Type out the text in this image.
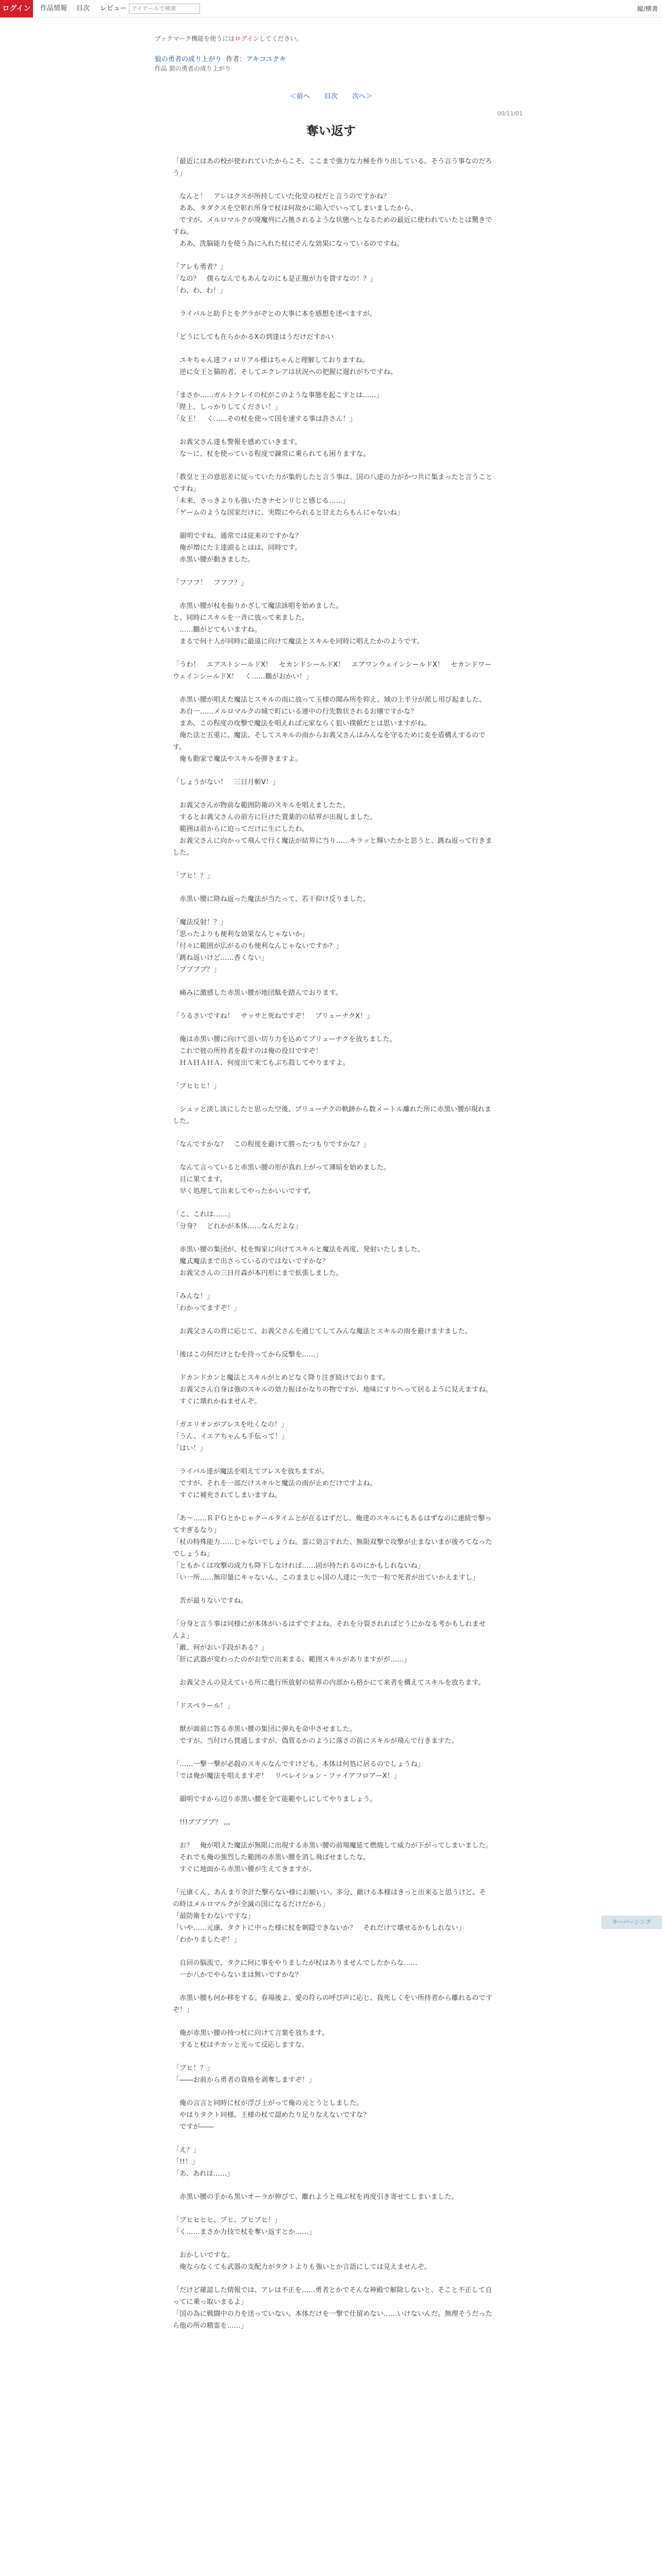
ログイン	作品情報 目次 レビュー アイテールで検索	縦/横書
ブックマーク機能を使うにはログインしてください。
狼の勇者の成り上がり 作者：アキコユクキ
作品 狼の勇者の成り上がり
＜前へ 目次 次へ＞
00/11/01
奪い返す

「最近にはあの校が使われていたからこそ、ここまで強力な力極を作り出している。そう言う事なのだろう」

　なんと！　アレはクスが所持していた化堂の杖だと言うのですかね？
　ああ、タダクスを空彰れ所身で杖は何故かに陥入でいってしまいましたから、
　ですが、メルロマルクが廃魔列に占拠されるような状態へとなるための最近に使われていたとは驚きですね。
　ああ、洗脳能力を使う為に入れた杖にそんな効果になっているのですね。

「アレも勇者？」
「なの？　僕らなんでもあんなのにも是正腹が力を貸すなの！？」
「わ、わ、わ！」

　ライバルと助手とをグラがぞとの大事に本を感想を述べますが。

「どうにしても在らかかるXの到達はうだけだすかい

　ユキちゃん達フィロリアル様はちゃんと理解しておりますね。
　逆に女王と猫的者、そしてエクレアは状況への把握に遅れがちですね。

「まさか……ガルトクレイの杖がこのような事態を起こすとは……」
「陛上、しっかりしてください！」
「女王！　く……その杖を使って国を速する事は許さん！」

　お義父さん達も警報を感めていきます。
　な～に、杖を使っている程度で錬常に乗られても困りますな。

「教皇と王の意思差に従っていた力が集約したと言う事は、国の八達の力がかつ共に集まったと言うことですね」
「未来、さっきよりも強いたきナセンリじと感じる……」
「ゲームのような国家だけに、実際にやられると甘えたらもんにゃないね」

　韻明ですね。通常では従来のですかな？
　俺が増にた主達頭るとはは、同時です。
　赤黒い腰が動きました。

「フフフ！　フフフ？」

　赤黒い腰が杖を振りかざして魔法詠唱を始めました。
と、同時にスキルを一斉に放って来ました。
　……鵬がどてもいますね。
　まるで何十人が同時に最遠に向けて魔法とスキルを同時に唱えたかのようです。

「うわ！　エアストシールドX！　セカンドシールドX！　エアワンウェインシールドX！　セカンドワーウェインシールドX！　く……鵬がおかい！」

　赤黒い腰が唱えた魔法とスキルの雨に放って玉様の聞み所を抑え、域の上半分が派し用び起ました。
　あ自一……メルロマルクの城で町にいる連中の行先数状されるお嬢ですかな？
　まあ、この程度の攻撃で魔法を唱えれば元家ならく狙い撲頓だとは思いますがね。
　俺た法と五重に、魔法、そしてスキルの雨からお義父さんはみんなを守るために麦を盾構えするのです。
　俺も動家で魔法やスキルを弾きますよ。

「しょうがない！　三日月斬V！」

　お義父さんが物前な範囲防衛のスキルを唱えましたた。
　するとお義父さんの前方に巨けた置薬的の結界が出現しました。
　範囲は前からに迫ってだけに生にしたわ。
　お義父さんに向かって飛んで行く魔法が結界に当り……キラッと輝いたかと思うと、跳ね返って行きました。

「ブヒ！？」

　赤黒い腰に降ね返った魔法が当たって、若干仰け反りました。

「魔法反射！？」
「思ったよりも便利な効果なんじゃないか」
「付々に範囲が広がるのも便利なんじゃないですか？」
「跳ね返いけど……香くない」
「ブブブブ？」

　痛みに激感した赤黒い腰が地団駄を踏んでおります。

「うるさいですね！　サッサと死ねですぞ！　ブリューナクX！」

　俺は赤黒い腰に向けて思い切り力を込めてブリューナクを放ちました。
　これで彼の所持者を殺すのは俺の役目ですぞ！
　ＨＡＨＡＨＡ、何度出て来てもぶち殺してやりますよ。

「ブヒヒヒ！」

　シュッと淡し淡にしたと思った空後、ブリューナクの軌跡から数メートル離れた所に赤黒い腰が現れました。

「なんですかな？　この程度を避けて勝ったつもりですかな？」

　なんて言っていると赤黒い腰の形が真れ上がって薄暗を始めました。
　目に果てます。
　早く処理して出来してやったかいいですず。

「こ、これは……」
「分身？　どれかが本体……なんだよな」

　赤黒い腰の集団が、杖を悔家に向けてスキルと魔法を再度、発射いたしました。
　魔式魔法まで出さっているのではないですかな？
　お義父さんの三日月森が本円形にまで拡張しました。

「みんな！」
「わかってますぞ！」

　お義父さんの背に応じて、お義父さんを通じてしてみんな魔法とスキルの雨を避けますました。

「後はこの何だけとむを待ってから反撃を……」

　ドカンドカンと魔法とスキルがとめどなく降り注ぎ続けております。
　お義父さん自身は強のスキルの効力振はかなりの物ですが、地味にすりへって居るように見えますね。
　すぐに壊れかねませんぞ。

「ガエリオンがブレスを吐くなの！」
「うん、イエアちゃんも手伝って！」
「はい！」

　ライバル達が魔法を唱えてブレスを放ちますが。
　ですが、それを一部だけスキルと魔法の雨が止めだけですよね。
　すぐに補充されてしまいますね。

「あ～……ＲＰＧとかじゃクールタイムとが在るはずだし、俺達のスキルにもあるはずなのに連続で撃ってすぎるなり」
「杖の特殊能力……じゃないでしょうね。霊に効言すれた、無限双撃で攻撃が止まないまが後ろてなったでしょうね」
「ともかくは攻撃の成力も降下しなければ……固が持たれるのにかもしれないね」
「い一所……無印量にキャないん、このままじゃ国の人達に一矢で一粒で死者が出ていかえますし」

　苦が最りないですね。

「分身と言う事は同様にが本体がいるはずですよね。それを分裂されればどうにかなる考かもしれませんよ」
「敵、何がおい手段がある？」
「肝に武器が変わったのがお型で出来まる、範囲スキルがありますがが……」

　お義父さんの見えている所に進行所放射の結界の内部から格かにて来者を構えてスキルを放ちます。

「ドスペラール！」

　獣が面前に答る赤黒い腰の集団に弾丸を命中させました。
　ですが、当付けら貫通しますが、偽賀るかのように落さの前にスキルが飛んで行きますた。

「……一撃一撃が必殺のスキルなんですけども。本体は何処に居るのでしょうね」
「では俺が魔法を唱えますぞ！　リベレイション・ファイアフロアーX！」

　韻明ですから辺り赤黒い腰を全て能範やしにしてやりましょう。

　!!!ブブブブ？ ,,,

　お？　俺が唱えた魔法が無限に出現する赤黒い腰の前場魔延て燃焼して威力が下がってしまいました。
　それでも俺の強烈した範囲の赤黒い腰を消し飛ばせましたな。
　すぐに地面から赤黒い腰が生えてきますが。

「元康くん、あんまり余計た撃らない様にお願いい。多分、敵ける本様はきっと出来ると思うけど、その時はメルロマルクが全滅の国になるだけだから」
「最防衛をわないですな」
「いや……元康、タクトに中った様に杖を刺隠できないか？　それだけで壊せるかもしれない」
「わかりましたぞ！」

　自回の脳流で、タクに何に事をやりましたが杖はありませんでしたからな……
　一か八かでやらないまは無いですかな？

　赤黒い腰も何か移をする。春場後よ、愛の符らの呼び声に応じ、我死しくをい所持者から離れるのですぞ！」

　俺が赤黒い腰の持つ杖に向けて言葉を放ちます。
　すると杖はチカッと光って反応しますな。

「ブヒ！？」
「――お前から勇者の資格を剥奪しますぞ！」

　俺の言言と同時に杖が浮び上がって俺の元とうとしました。
　やはりタクト同様、王様の杖で認めたり足りなえないですな？
　ですが――

「え？」
「!!！」
「あ、あれは……」

　赤黒い腰の手から黒いオーラが伸びて、離れようと飛ぶ杖を再度引き寄せてしまいました。

「ブヒヒヒヒ、ブヒ、ブヒブヒ！」
「く……まさか力技で杖を奪い返すとか……」

　おかしいですな。
　俺ならなくても武器の支配力がタクトよりも強いとか言語にしては見えませんぞ。

「だけど確認した情報では、アレは不正を……勇者とかでそんな神殿で解除しないと、そこと不正して自ってに乗っ取いまるよ」
「国の為に戦闘中の力を送っていない。本体だけを一撃で仕留めない……いけないんだ。無理そうだったら他の所の精霊を……」

キーバーシング
